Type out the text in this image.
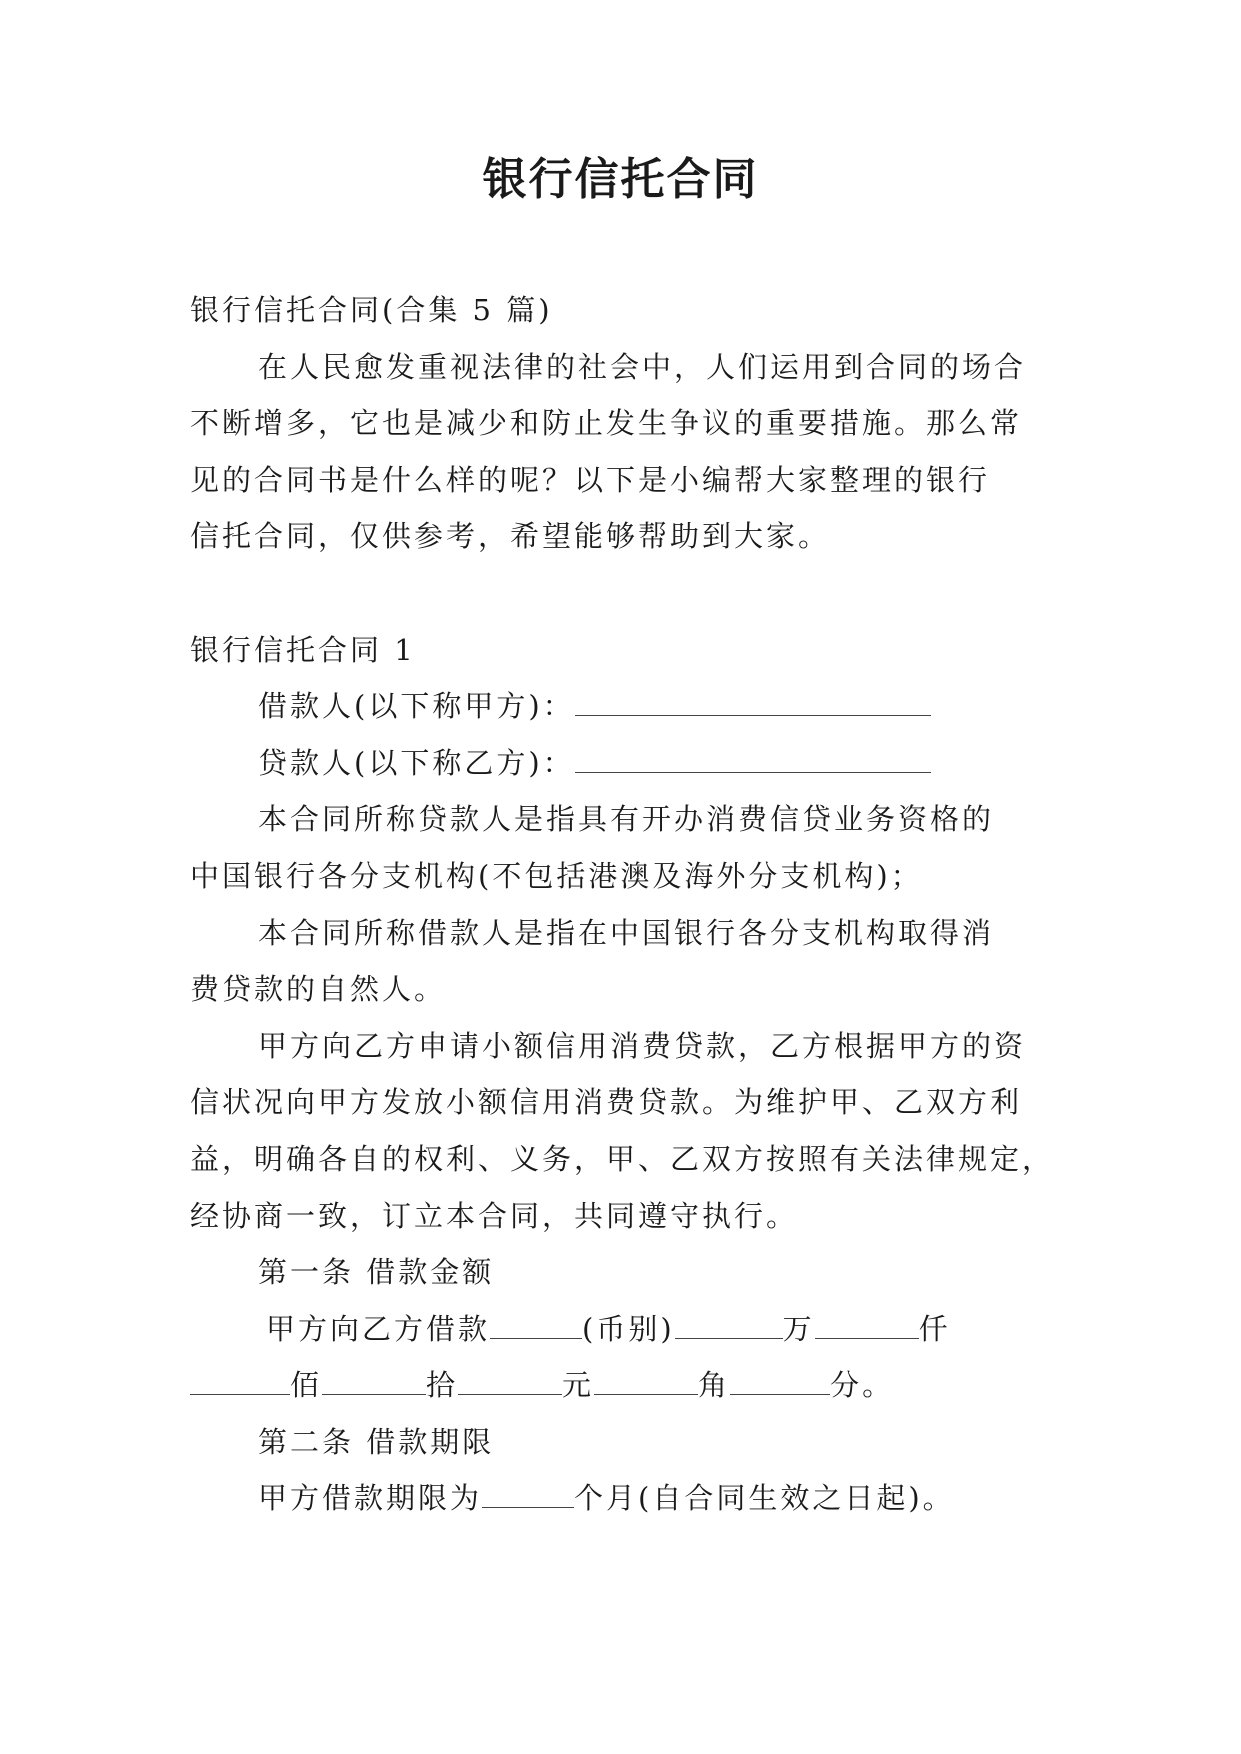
银行信托合同
银行信托合同(合集 5 篇)
在人民愈发重视法律的社会中，人们运用到合同的场合
不断增多，它也是减少和防止发生争议的重要措施。那么常
见的合同书是什么样的呢？以下是小编帮大家整理的银行
信托合同，仅供参考，希望能够帮助到大家。
银行信托合同 1
借款人(以下称甲方)：
贷款人(以下称乙方)：
本合同所称贷款人是指具有开办消费信贷业务资格的
中国银行各分支机构(不包括港澳及海外分支机构)；
本合同所称借款人是指在中国银行各分支机构取得消
费贷款的自然人。
甲方向乙方申请小额信用消费贷款，乙方根据甲方的资
信状况向甲方发放小额信用消费贷款。为维护甲、乙双方利
益，明确各自的权利、义务，甲、乙双方按照有关法律规定，
经协商一致，订立本合同，共同遵守执行。
第一条 借款金额
甲方向乙方借款	(币别)	万	仟
佰	拾	元	角	分。
第二条 借款期限
甲方借款期限为	个月(自合同生效之日起)。
